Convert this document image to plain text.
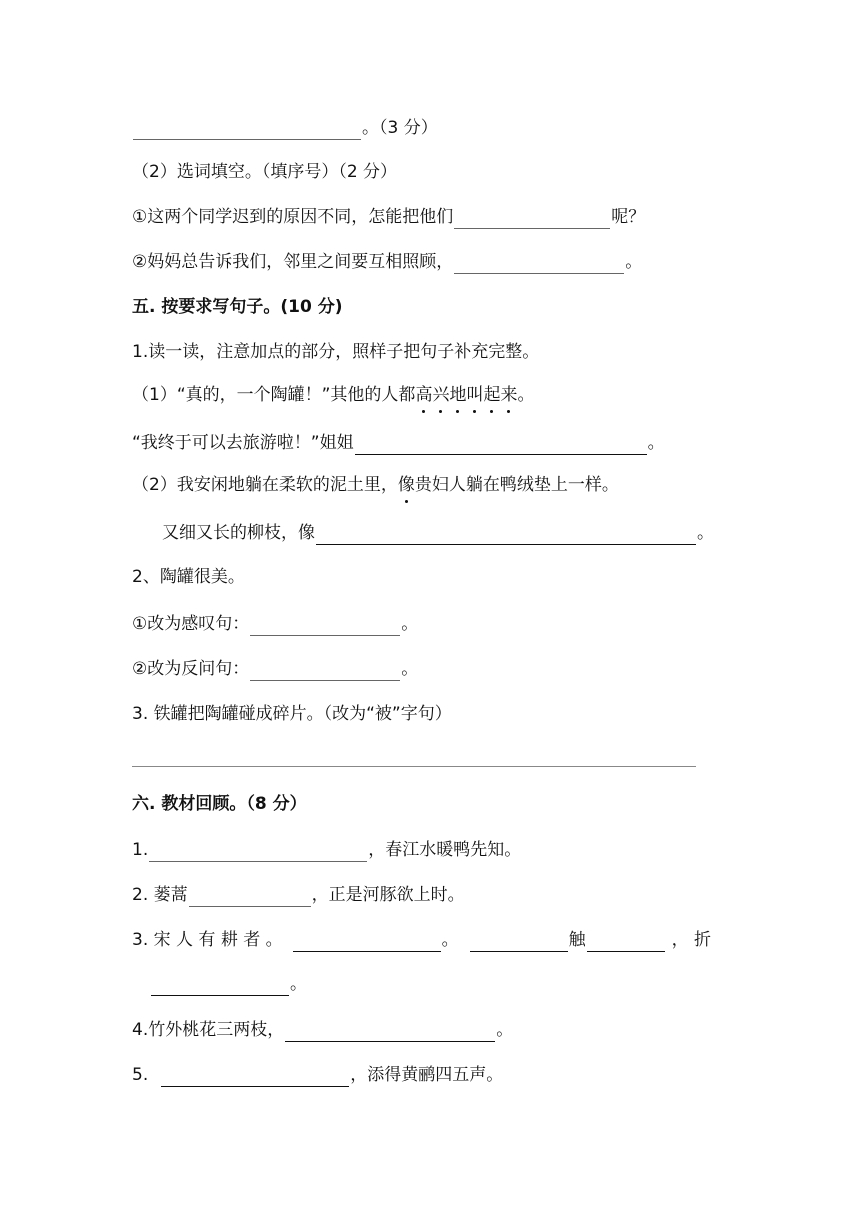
。（3 分）
（2）选词填空。（填序号）（2 分）
①这两个同学迟到的原因不同，怎能把他们	呢？
②妈妈总告诉我们，邻里之间要互相照顾，	。
五. 按要求写句子。(10 分)
1.读一读，注意加点的部分，照样子把句子补充完整。
（1）“真的，一个陶罐！”其他的人都 高 兴 地 叫 起 来 。
“我终于可以去旅游啦！”姐姐	。
（2）我安闲地躺在柔软的泥土里， 像 贵妇人躺在鸭绒垫上一样。
又细又长的柳枝，像	。
2、陶罐很美。
①改为感叹句：	。
②改为反问句：	。
3. 铁罐把陶罐碰成碎片。（改为“被”字句）
六. 教材回顾。（8 分）
1.	，春江水暖鸭先知。
2. 蒌蒿	，正是河豚欲上时。
3. 宋 人 有 耕 者 。	。	触	， 折
。
4.竹外桃花三两枝，	。
5.	，添得黄鹂四五声。
